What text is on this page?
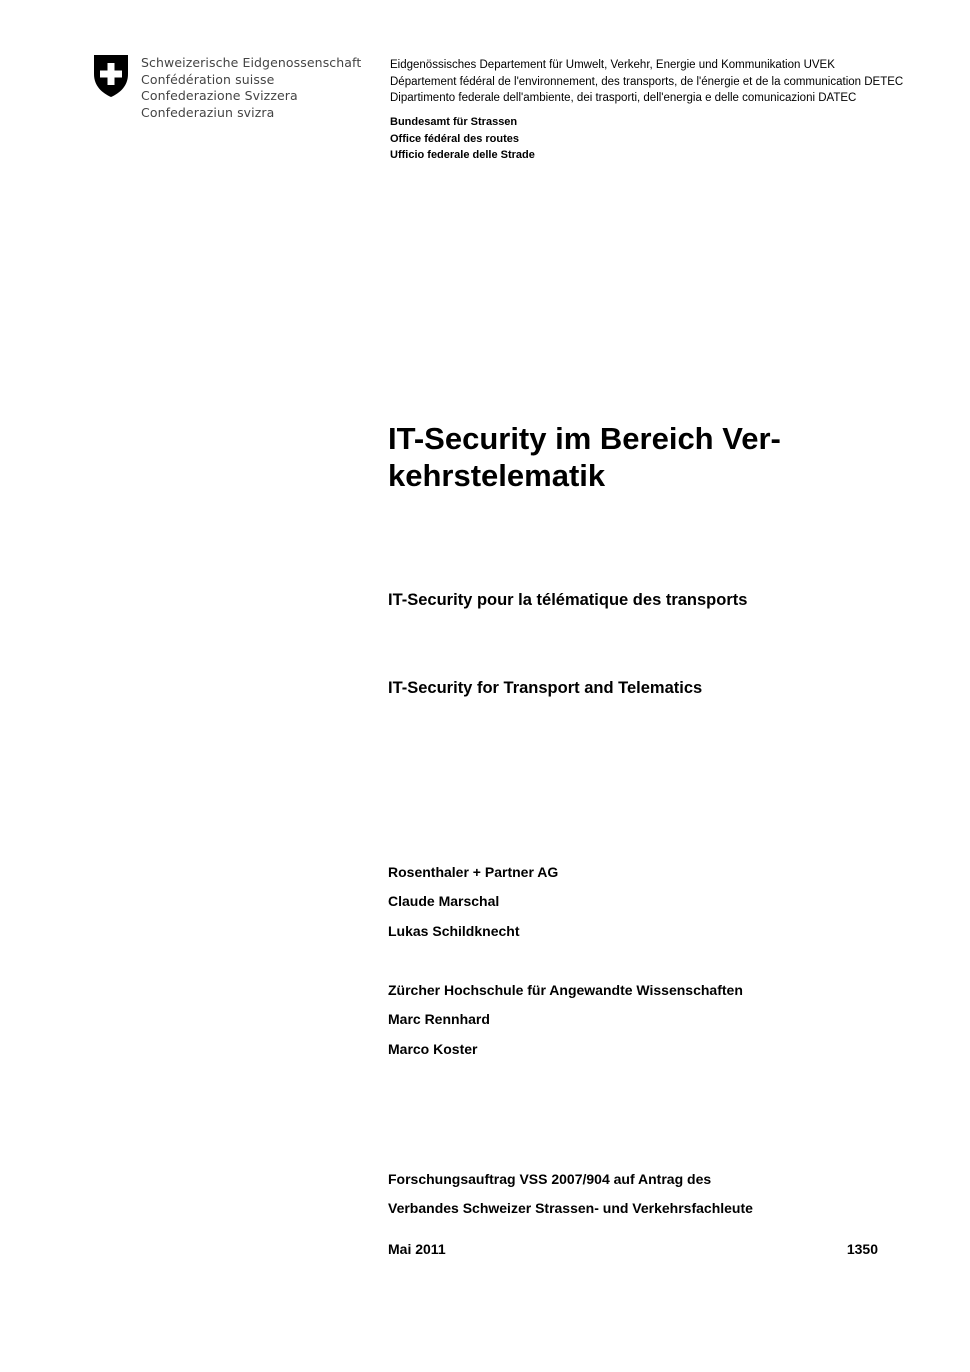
Schweizerische Eidgenossenschaft
Confédération suisse
Confederazione Svizzera
Confederaziun svizra
Eidgenössisches Departement für Umwelt, Verkehr, Energie und Kommunikation UVEK
Département fédéral de l'environnement, des transports, de l'énergie et de la communication DETEC
Dipartimento federale dell'ambiente, dei trasporti, dell'energia e delle comunicazioni DATEC
Bundesamt für Strassen
Office fédéral des routes
Ufficio federale delle Strade
IT-Security im Bereich Ver-
kehrstelematik
IT-Security pour la télématique des transports
IT-Security for Transport and Telematics
Rosenthaler + Partner AG
Claude Marschal
Lukas Schildknecht
Zürcher Hochschule für Angewandte Wissenschaften
Marc Rennhard
Marco Koster
Forschungsauftrag VSS 2007/904 auf Antrag des
Verbandes Schweizer Strassen- und Verkehrsfachleute
Mai 2011	1350
